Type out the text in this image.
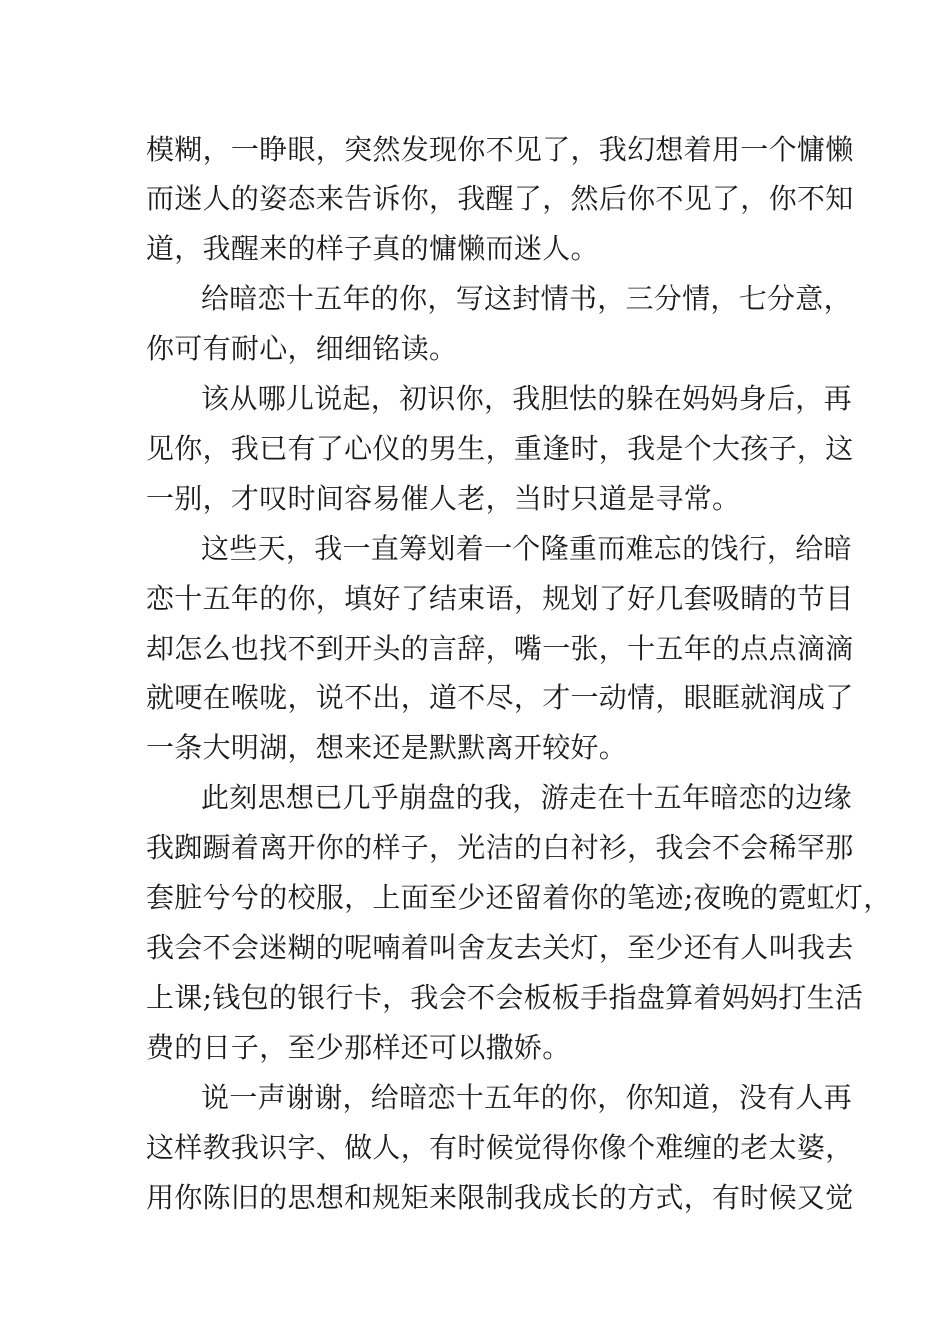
模糊，一睁眼，突然发现你不见了，我幻想着用一个慵懒
而迷人的姿态来告诉你，我醒了，然后你不见了，你不知
道，我醒来的样子真的慵懒而迷人。
给暗恋十五年的你，写这封情书，三分情，七分意，
你可有耐心，细细铭读。
该从哪儿说起，初识你，我胆怯的躲在妈妈身后，再
见你，我已有了心仪的男生，重逢时，我是个大孩子，这
一别，才叹时间容易催人老，当时只道是寻常。
这些天，我一直筹划着一个隆重而难忘的饯行，给暗
恋十五年的你，填好了结束语，规划了好几套吸睛的节目
却怎么也找不到开头的言辞，嘴一张，十五年的点点滴滴
就哽在喉咙，说不出，道不尽，才一动情，眼眶就润成了
一条大明湖，想来还是默默离开较好。
此刻思想已几乎崩盘的我，游走在十五年暗恋的边缘
我踟蹰着离开你的样子，光洁的白衬衫，我会不会稀罕那
套脏兮兮的校服，上面至少还留着你的笔迹;夜晚的霓虹灯，
我会不会迷糊的呢喃着叫舍友去关灯，至少还有人叫我去
上课;钱包的银行卡，我会不会板板手指盘算着妈妈打生活
费的日子，至少那样还可以撒娇。
说一声谢谢，给暗恋十五年的你，你知道，没有人再
这样教我识字、做人，有时候觉得你像个难缠的老太婆，
用你陈旧的思想和规矩来限制我成长的方式，有时候又觉
